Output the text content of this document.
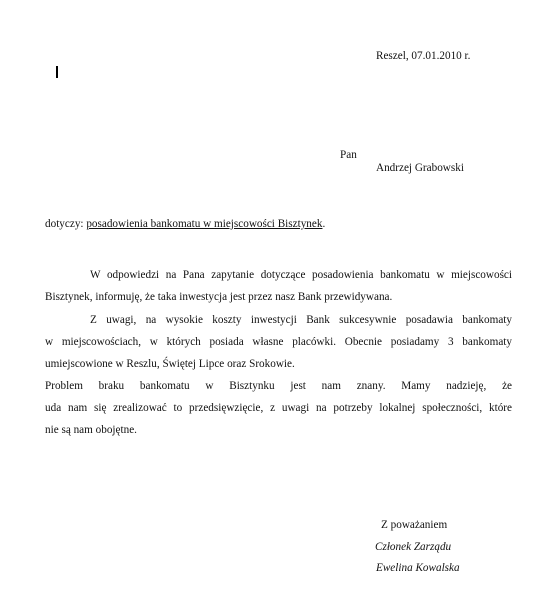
Reszel, 07.01.2010 r.
Pan
Andrzej Grabowski
dotyczy: posadowienia bankomatu w miejscowości Bisztynek.
W odpowiedzi na Pana zapytanie dotyczące posadowienia bankomatu w miejscowości
Bisztynek, informuję, że taka inwestycja jest przez nasz Bank przewidywana.
Z uwagi, na wysokie koszty inwestycji Bank sukcesywnie posadawia bankomaty
w miejscowościach, w których posiada własne placówki. Obecnie posiadamy 3 bankomaty
umiejscowione w Reszlu, Świętej Lipce oraz Srokowie.
Problem braku bankomatu w Bisztynku jest nam znany. Mamy nadzieję, że
uda nam się zrealizować to przedsięwzięcie, z uwagi na potrzeby lokalnej społeczności, które
nie są nam obojętne.
Z poważaniem
Członek Zarządu
Ewelina Kowalska
